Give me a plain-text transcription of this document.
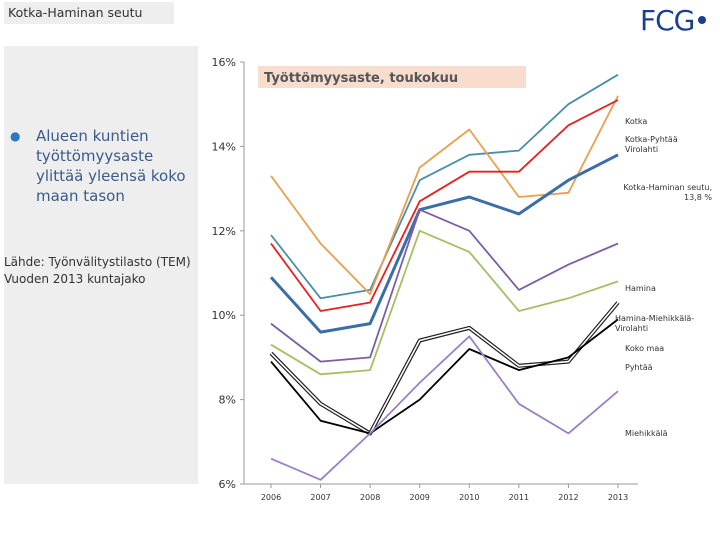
Kotka-Haminan seutu	FCG
● Alueen kuntien työttömyysaste ylittää yleensä koko maan tason
Lähde: Työnvälitystilasto (TEM)
Vuoden 2013 kuntajako
6%
8%
10%
12%
14%
16%
2006	2007	2008	2009	2010	2011	2012	2013
Työttömyysaste, toukokuu
Kotka
Kotka-Pyhtää
Virolahti
Kotka-Haminan seutu,
13,8 %
Hamina
Hamina-Miehikkälä-
Virolahti
Koko maa
Pyhtää
Miehikkälä
